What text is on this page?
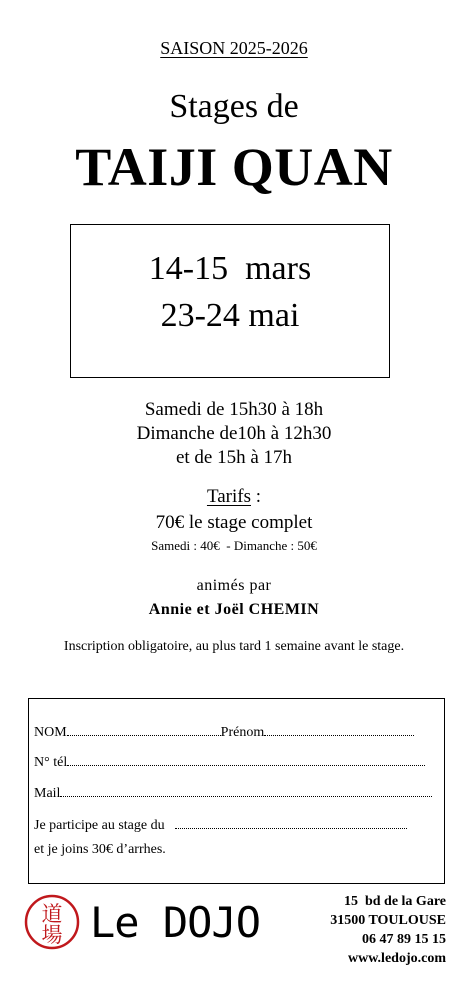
SAISON 2025-2026
Stages de
TAIJI QUAN
14-15  mars
23-24 mai
Samedi de 15h30 à 18h
Dimanche de10h à 12h30
et de 15h à 17h
Tarifs :
70€ le stage complet
Samedi : 40€  - Dimanche : 50€
animés par
Annie et Joël CHEMIN
Inscription obligatoire, au plus tard 1 semaine avant le stage.
NOM	Prénom
N° tél
Mail
Je participe au stage du
et je joins 30€ d’arrhes.
道
場 Le DOJO	15  bd de la Gare
31500 TOULOUSE
06 47 89 15 15
www.ledojo.com
